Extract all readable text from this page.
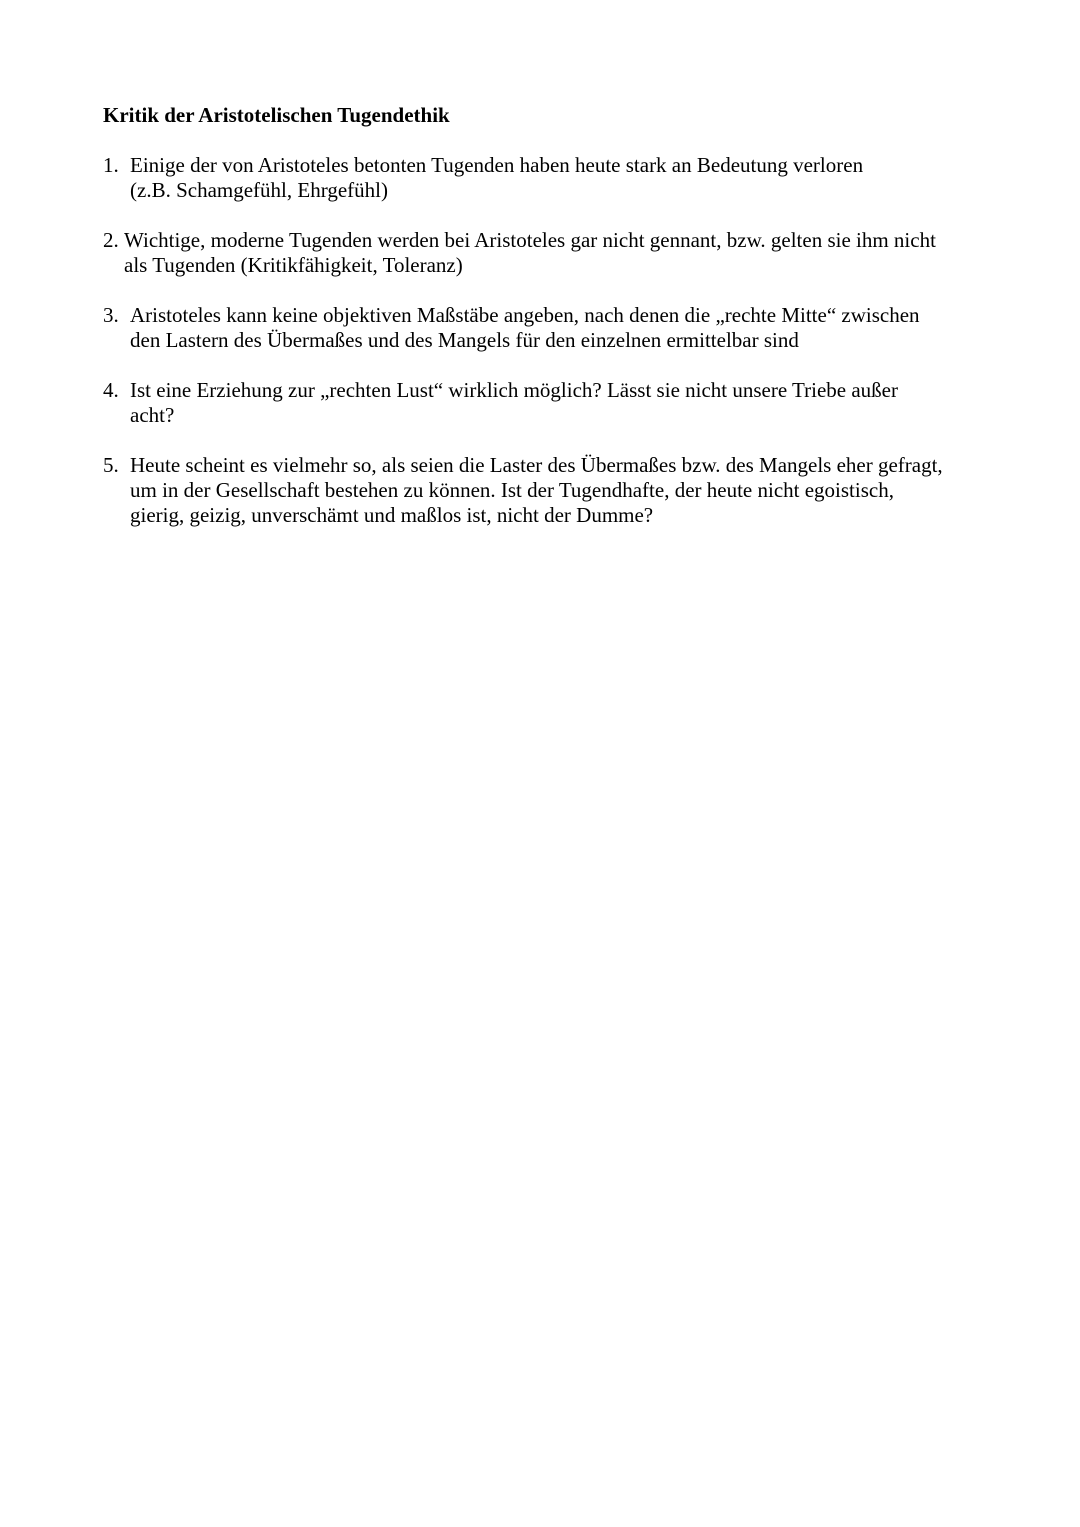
Kritik der Aristotelischen Tugendethik
1. Einige der von Aristoteles betonten Tugenden haben heute stark an Bedeutung verloren
(z.B. Schamgefühl, Ehrgefühl)
2. Wichtige, moderne Tugenden werden bei Aristoteles gar nicht gennant, bzw. gelten sie ihm nicht
als Tugenden (Kritikfähigkeit, Toleranz)
3. Aristoteles kann keine objektiven Maßstäbe angeben, nach denen die „rechte Mitte“ zwischen
den Lastern des Übermaßes und des Mangels für den einzelnen ermittelbar sind
4. Ist eine Erziehung zur „rechten Lust“ wirklich möglich? Lässt sie nicht unsere Triebe außer
acht?
5. Heute scheint es vielmehr so, als seien die Laster des Übermaßes bzw. des Mangels eher gefragt,
um in der Gesellschaft bestehen zu können. Ist der Tugendhafte, der heute nicht egoistisch,
gierig, geizig, unverschämt und maßlos ist, nicht der Dumme?
